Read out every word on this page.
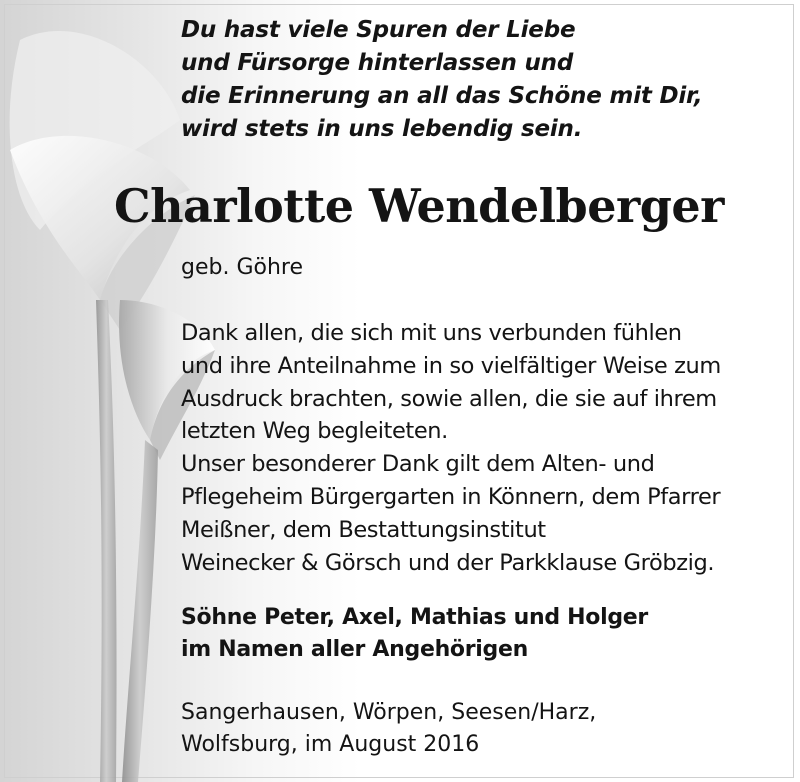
Du hast viele Spuren der Liebe
und Fürsorge hinterlassen und
die Erinnerung an all das Schöne mit Dir,
wird stets in uns lebendig sein.
Charlotte Wendelberger
geb. Göhre
Dank allen, die sich mit uns verbunden fühlen
und ihre Anteilnahme in so vielfältiger Weise zum
Ausdruck brachten, sowie allen, die sie auf ihrem
letzten Weg begleiteten.
Unser besonderer Dank gilt dem Alten- und
Pflegeheim Bürgergarten in Könnern, dem Pfarrer
Meißner, dem Bestattungsinstitut
Weinecker & Görsch und der Parkklause Gröbzig.
Söhne Peter, Axel, Mathias und Holger
im Namen aller Angehörigen
Sangerhausen, Wörpen, Seesen/Harz,
Wolfsburg, im August 2016
